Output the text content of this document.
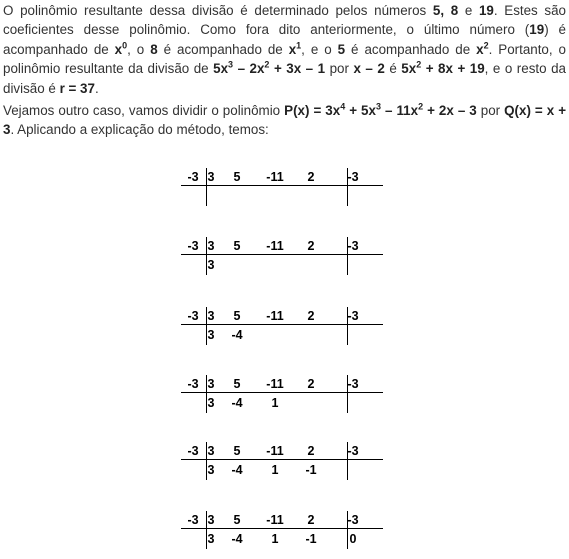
O polinômio resultante dessa divisão é determinado pelos números 5, 8 e 19. Estes são coeficientes desse polinômio. Como fora dito anteriormente, o último número (19) é acompanhado de $x^0$, o 8 é acompanhado de $x^1$, e o 5 é acompanhado de $x^2$. Portanto, o polinômio resultante da divisão de $5x^3 - 2x^2 + 3x - 1$ por x – 2 é $5x^2 + 8x + 19$, e o resto da divisão é r = 37.

Vejamos outro caso, vamos dividir o polinômio $P(x) = 3x^4 + 5x^3 - 11x^2 + 2x - 3$ por Q(x) = x + 3. Aplicando a explicação do método, temos:

-3 3	5	-11	2	-3
-3 3	5	-11	2	-3
3
-3 3	5	-11	2	-3
3	-4
-3 3	5	-11	2	-3
3	-4	1
-3 3	5	-11	2	-3
3	-4	1	-1
-3 3	5	-11	2	-3
3	-4	1	-1	0
